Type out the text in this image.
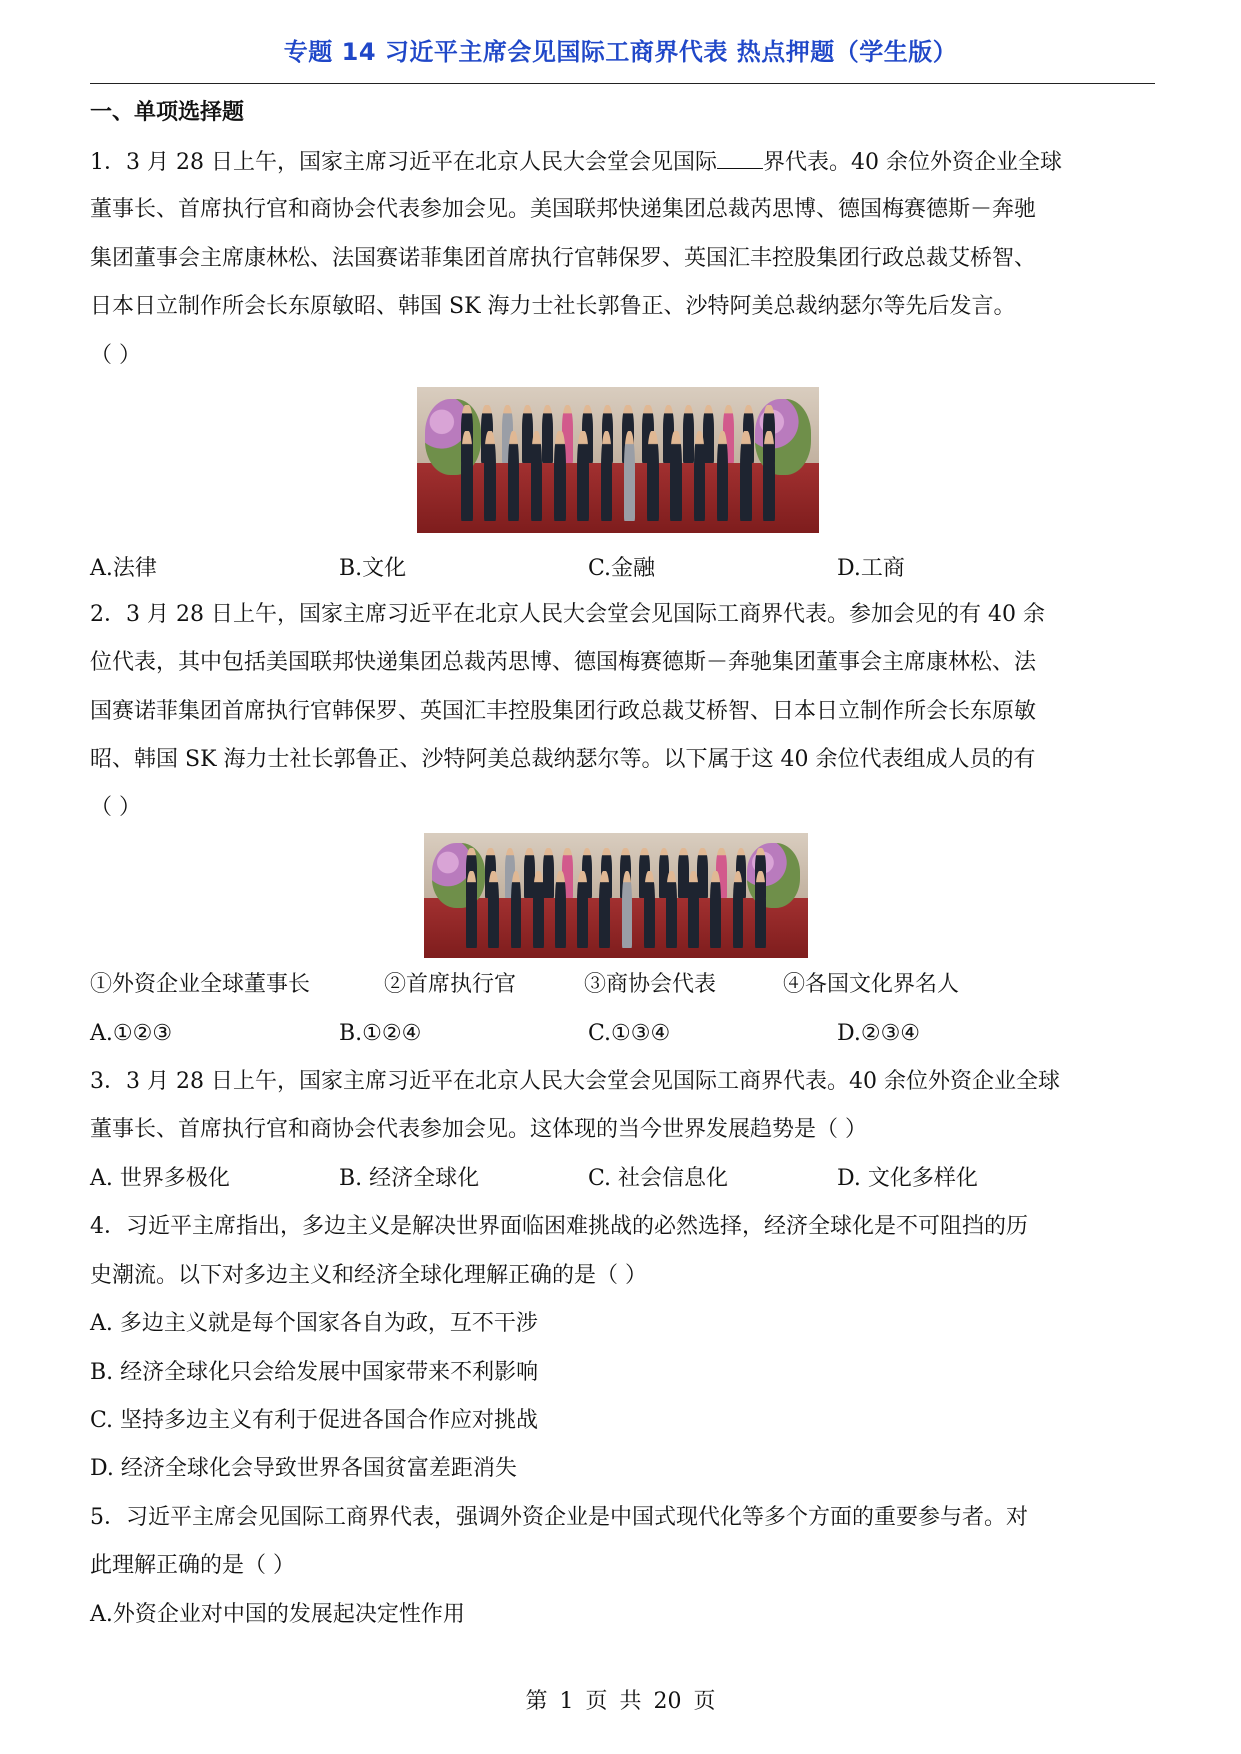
专题 14 习近平主席会见国际工商界代表 热点押题（学生版）
一、单项选择题
1．3 月 28 日上午，国家主席习近平在北京人民大会堂会见国际 界代表。40 余位外资企业全球
董事长、首席执行官和商协会代表参加会见。美国联邦快递集团总裁芮思博、德国梅赛德斯－奔驰
集团董事会主席康林松、法国赛诺菲集团首席执行官韩保罗、英国汇丰控股集团行政总裁艾桥智、
日本日立制作所会长东原敏昭、韩国 SK 海力士社长郭鲁正、沙特阿美总裁纳瑟尔等先后发言。
（ ）
A.法律	B.文化	C.金融	D.工商
2．3 月 28 日上午，国家主席习近平在北京人民大会堂会见国际工商界代表。参加会见的有 40 余
位代表，其中包括美国联邦快递集团总裁芮思博、德国梅赛德斯－奔驰集团董事会主席康林松、法
国赛诺菲集团首席执行官韩保罗、英国汇丰控股集团行政总裁艾桥智、日本日立制作所会长东原敏
昭、韩国 SK 海力士社长郭鲁正、沙特阿美总裁纳瑟尔等。以下属于这 40 余位代表组成人员的有
（ ）
①外资企业全球董事长	②首席执行官	③商协会代表	④各国文化界名人
A.①②③	B.①②④	C.①③④	D.②③④
3．3 月 28 日上午，国家主席习近平在北京人民大会堂会见国际工商界代表。40 余位外资企业全球
董事长、首席执行官和商协会代表参加会见。这体现的当今世界发展趋势是（ ）
A. 世界多极化	B. 经济全球化	C. 社会信息化	D. 文化多样化
4．习近平主席指出，多边主义是解决世界面临困难挑战的必然选择，经济全球化是不可阻挡的历
史潮流。以下对多边主义和经济全球化理解正确的是（ ）
A. 多边主义就是每个国家各自为政，互不干涉
B. 经济全球化只会给发展中国家带来不利影响
C. 坚持多边主义有利于促进各国合作应对挑战
D. 经济全球化会导致世界各国贫富差距消失
5．习近平主席会见国际工商界代表，强调外资企业是中国式现代化等多个方面的重要参与者。对
此理解正确的是（ ）
A.外资企业对中国的发展起决定性作用
第 1 页 共 20 页
